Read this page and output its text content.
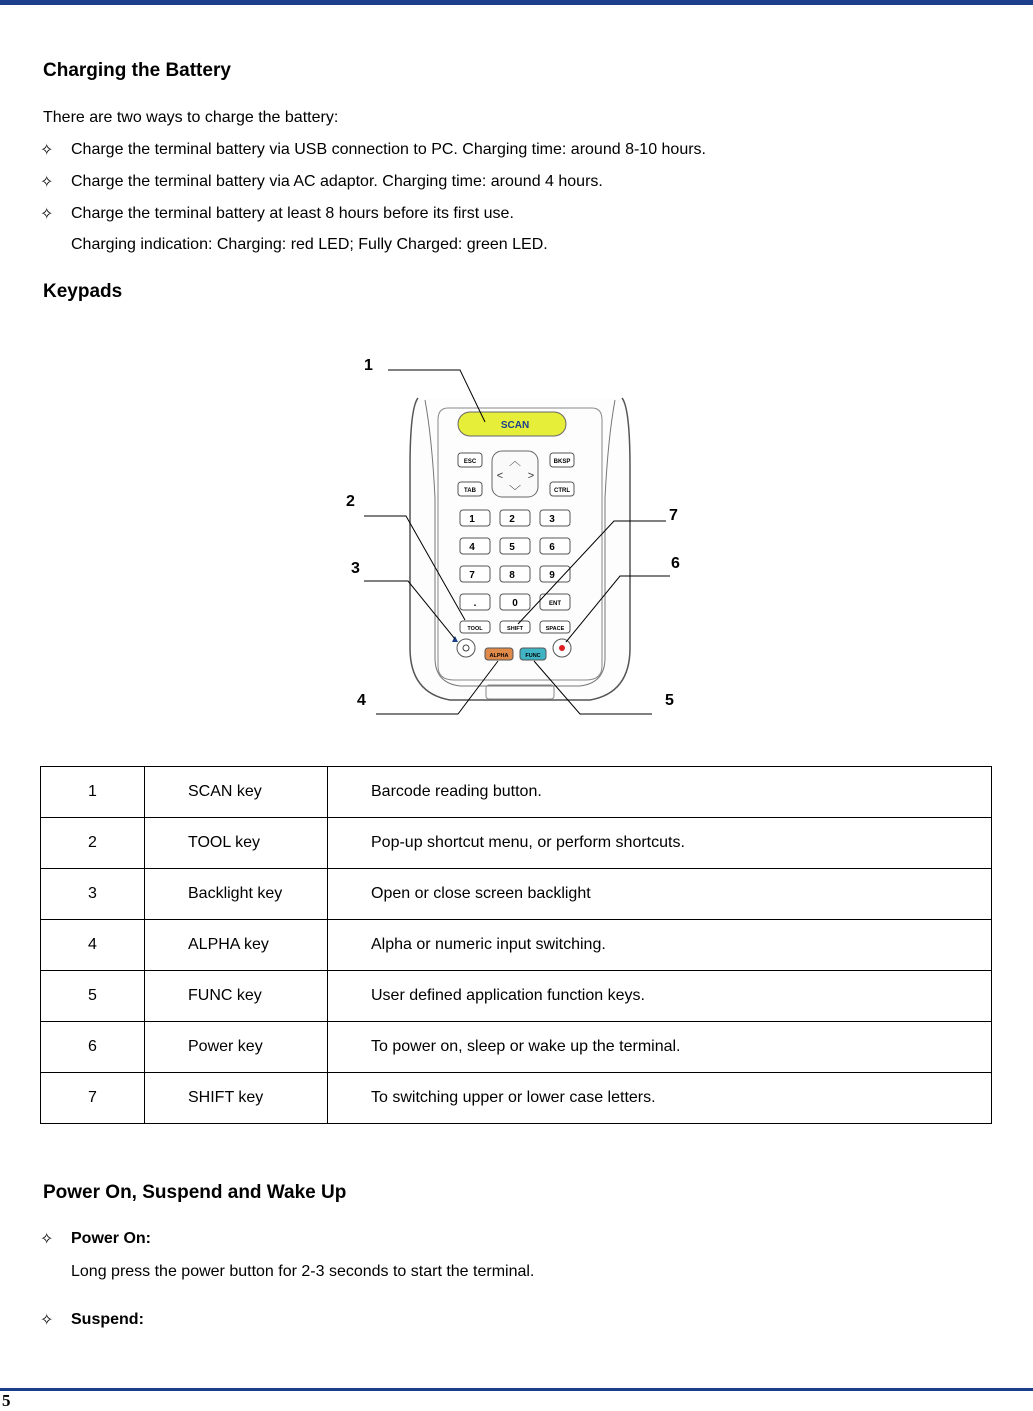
Charging the Battery

There are two ways to charge the battery:

✧ Charge the terminal battery via USB connection to PC. Charging time: around 8-10 hours.

✧ Charge the terminal battery via AC adaptor. Charging time: around 4 hours.

✧ Charge the terminal battery at least 8 hours before its first use.

Charging indication: Charging: red LED; Fully Charged: green LED.

Keypads
SCAN
︿
﹀
< >
ESC	BKSP
TAB	CTRL
1	2	3
4	5	6
7	8	9
.	0	ENT
TOOL	SHIFT	SPACE
ALPHA	FUNC
1
2
3
4	5
6
7
1	SCAN key	Barcode reading button.
2	TOOL key	Pop-up shortcut menu, or perform shortcuts.
3	Backlight key	Open or close screen backlight
4	ALPHA key	Alpha or numeric input switching.
5	FUNC key	User defined application function keys.
6	Power key	To power on, sleep or wake up the terminal.
7	SHIFT key	To switching upper or lower case letters.
Power On, Suspend and Wake Up
✧ Power On:

Long press the power button for 2-3 seconds to start the terminal.

✧ Suspend:

5
